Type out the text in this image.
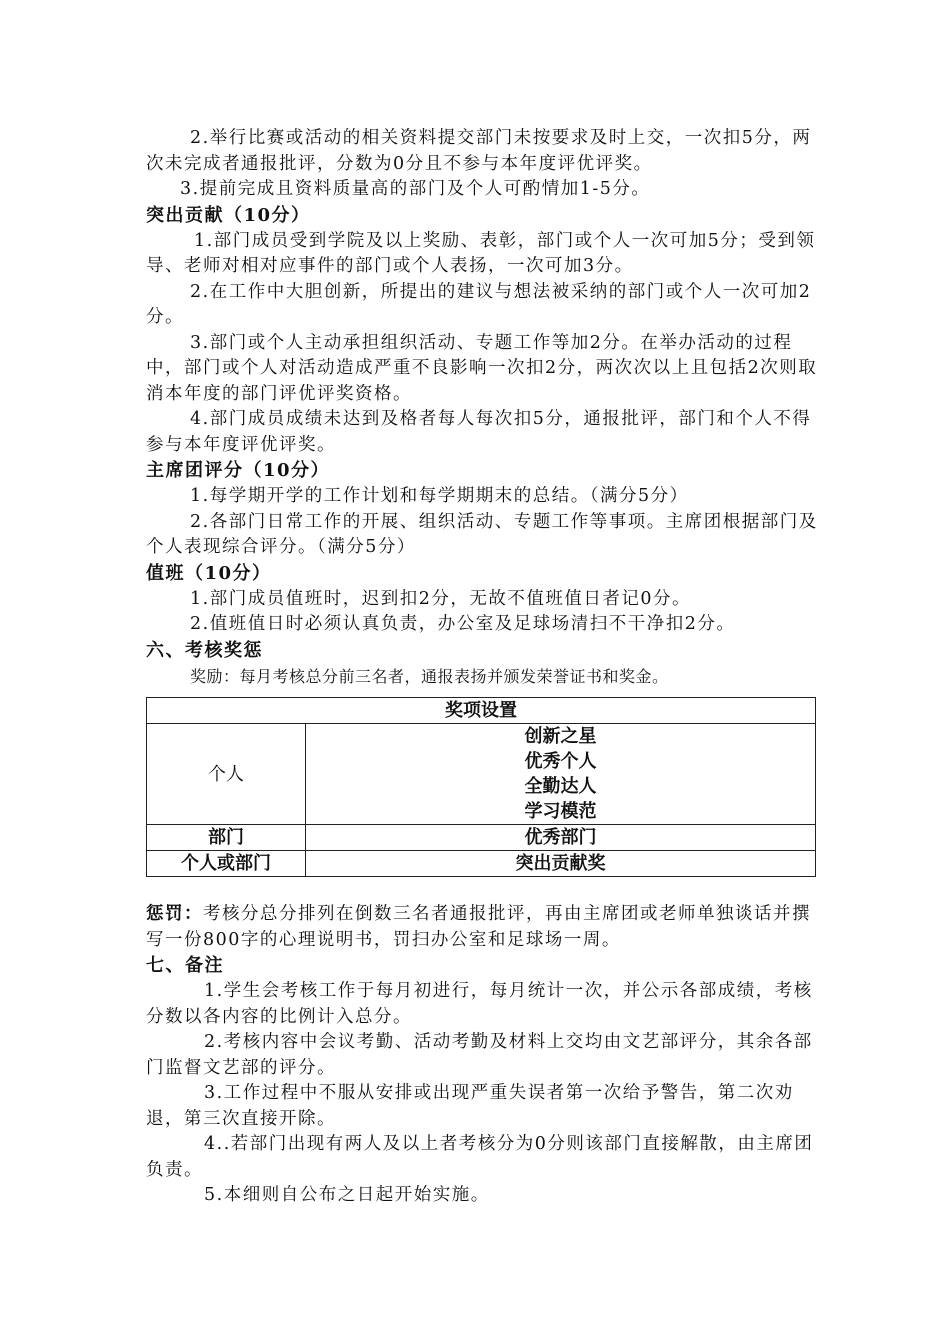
2.举行比赛或活动的相关资料提交部门未按要求及时上交，一次扣5分，两次未完成者通报批评，分数为0分且不参与本年度评优评奖。

3.提前完成且资料质量高的部门及个人可酌情加1-5分。

突出贡献（10分）

1.部门成员受到学院及以上奖励、表彰，部门或个人一次可加5分；受到领导、老师对相对应事件的部门或个人表扬，一次可加3分。

2.在工作中大胆创新，所提出的建议与想法被采纳的部门或个人一次可加2分。

3.部门或个人主动承担组织活动、专题工作等加2分。在举办活动的过程中，部门或个人对活动造成严重不良影响一次扣2分，两次次以上且包括2次则取消本年度的部门评优评奖资格。

4.部门成员成绩未达到及格者每人每次扣5分，通报批评，部门和个人不得参与本年度评优评奖。

主席团评分（10分）

1.每学期开学的工作计划和每学期期末的总结。（满分5分）

2.各部门日常工作的开展、组织活动、专题工作等事项。主席团根据部门及个人表现综合评分。（满分5分）

值班（10分）

1.部门成员值班时，迟到扣2分，无故不值班值日者记0分。

2.值班值日时必须认真负责，办公室及足球场清扫不干净扣2分。

六、考核奖惩

奖励：每月考核总分前三名者，通报表扬并颁发荣誉证书和奖金。

奖项设置	
个人	创新之星
优秀个人
全勤达人
学习模范

部门	优秀部门
个人或部门	突出贡献奖

惩罚：考核分总分排列在倒数三名者通报批评，再由主席团或老师单独谈话并撰写一份800字的心理说明书，罚扫办公室和足球场一周。

七、备注

1.学生会考核工作于每月初进行，每月统计一次，并公示各部成绩，考核分数以各内容的比例计入总分。

2.考核内容中会议考勤、活动考勤及材料上交均由文艺部评分，其余各部门监督文艺部的评分。

3.工作过程中不服从安排或出现严重失误者第一次给予警告，第二次劝退，第三次直接开除。

4..若部门出现有两人及以上者考核分为0分则该部门直接解散，由主席团负责。

5.本细则自公布之日起开始实施。
